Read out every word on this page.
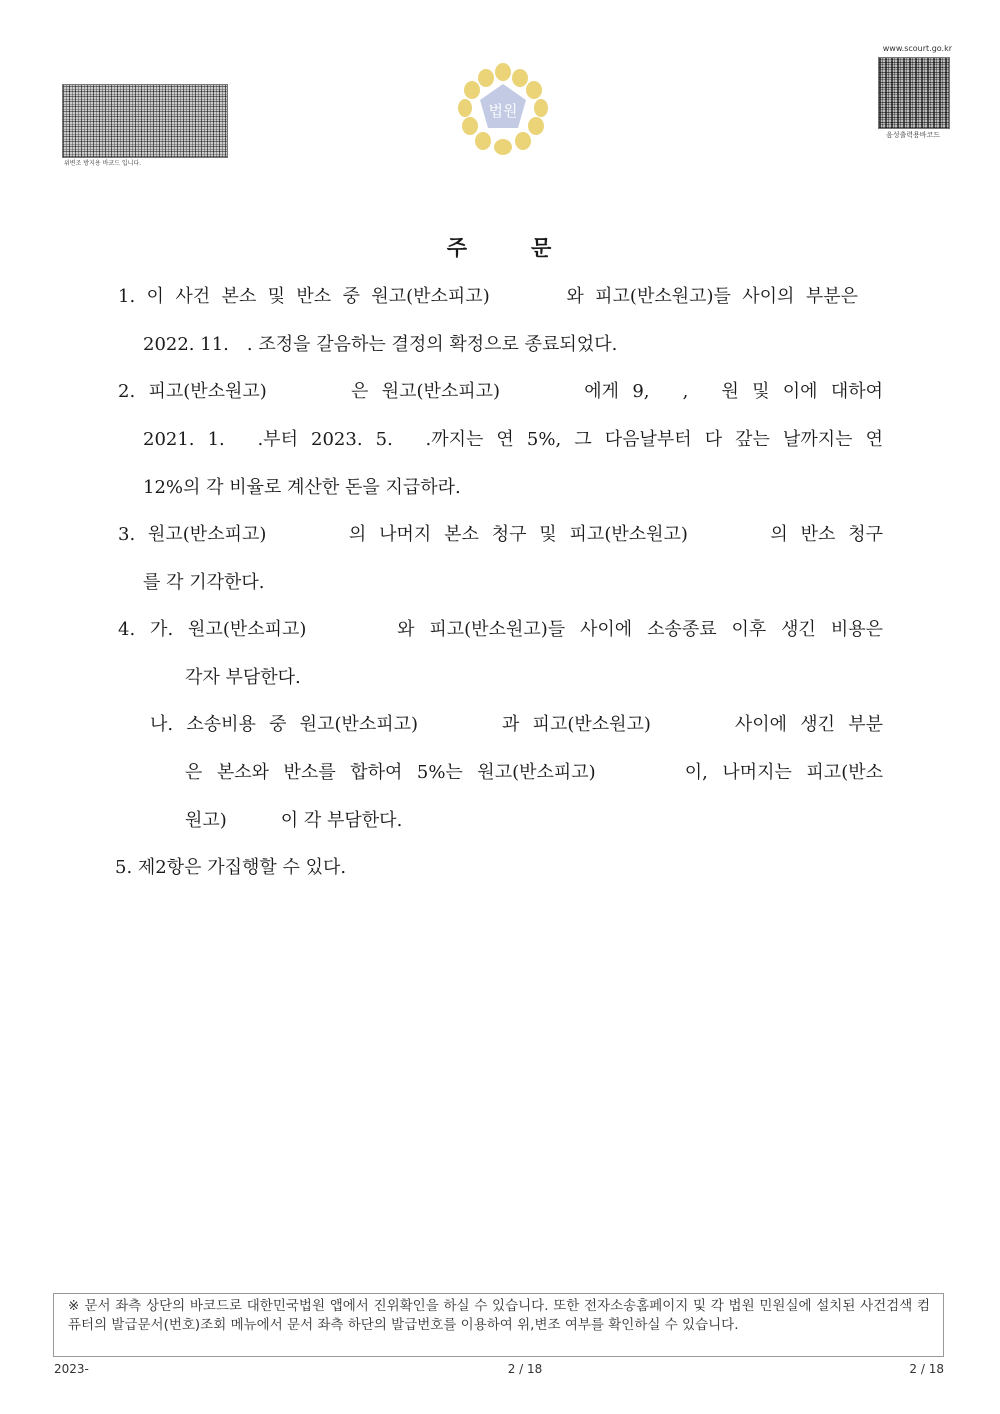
위변조 방지용 바코드 입니다.
법원
www.scourt.go.kr
음성출력용바코드
주	문
1. 이 사건 본소 및 반소 중 원고(반소피고)　　　와 피고(반소원고)들 사이의 부분은
2022. 11.　. 조정을 갈음하는 결정의 확정으로 종료되었다.
2. 피고(반소원고)　　　은 원고(반소피고)　　　에게 9,　,　원 및 이에 대하여
2021. 1.　.부터 2023. 5.　.까지는 연 5%, 그 다음날부터 다 갚는 날까지는 연
12%의 각 비율로 계산한 돈을 지급하라.
3. 원고(반소피고)　　　의 나머지 본소 청구 및 피고(반소원고)　　　의 반소 청구
를 각 기각한다.
4. 가. 원고(반소피고)　　　와 피고(반소원고)들 사이에 소송종료 이후 생긴 비용은
각자 부담한다.
나. 소송비용 중 원고(반소피고)　　　과 피고(반소원고)　　　사이에 생긴 부분
은 본소와 반소를 합하여 5%는 원고(반소피고)　　　이, 나머지는 피고(반소
원고)　　　이 각 부담한다.
5. 제2항은 가집행할 수 있다.
※ 문서 좌측 상단의 바코드로 대한민국법원 앱에서 진위확인을 하실 수 있습니다. 또한 전자소송홈페이지 및 각 법원 민원실에 설치된 사건검색 컴퓨터의 발급문서(번호)조회 메뉴에서 문서 좌측 하단의 발급번호를 이용하여 위,변조 여부를 확인하실 수 있습니다.
2023-	2 / 18	2 / 18
